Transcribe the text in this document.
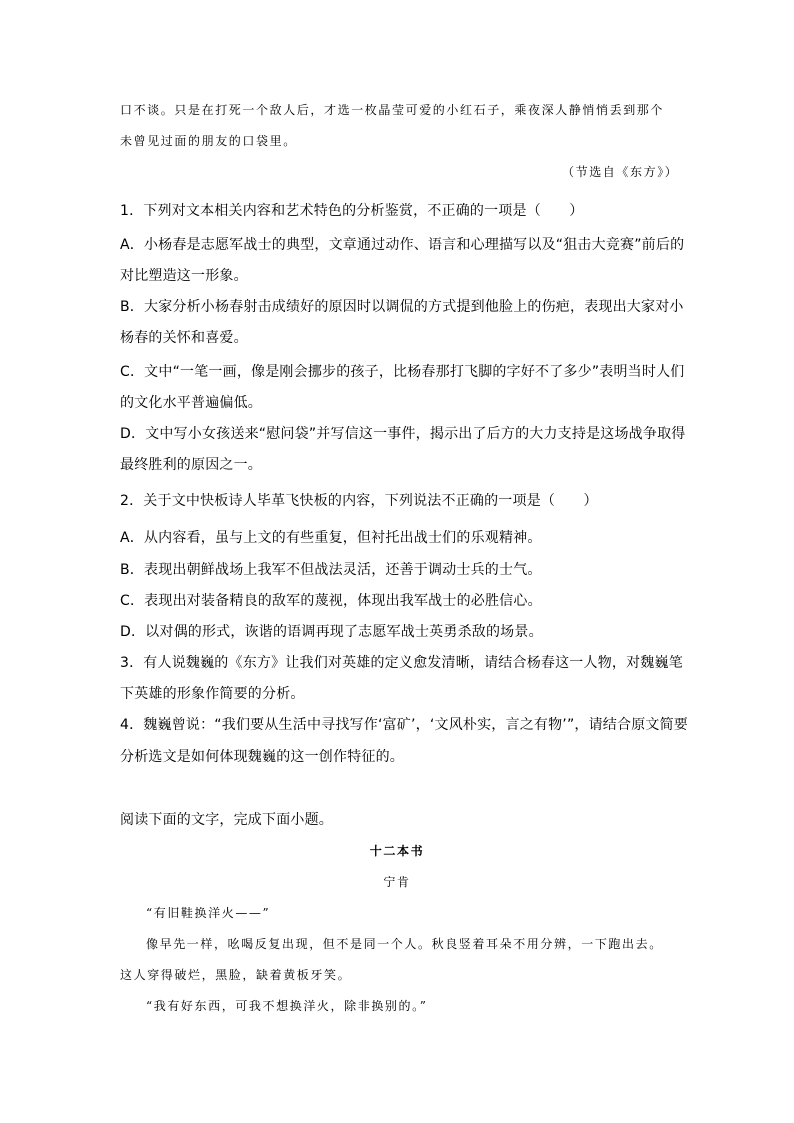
口不谈。只是在打死一个敌人后，才选一枚晶莹可爱的小红石子，乘夜深人静悄悄丢到那个
未曾见过面的朋友的口袋里。
（节选自《东方》）
1．下列对文本相关内容和艺术特色的分析鉴赏，不正确的一项是（　　）
A．小杨春是志愿军战士的典型，文章通过动作、语言和心理描写以及“狙击大竞赛”前后的
对比塑造这一形象。
B．大家分析小杨春射击成绩好的原因时以调侃的方式提到他脸上的伤疤，表现出大家对小
杨春的关怀和喜爱。
C．文中“一笔一画，像是刚会挪步的孩子，比杨春那打飞脚的字好不了多少”表明当时人们
的文化水平普遍偏低。
D．文中写小女孩送来“慰问袋”并写信这一事件，揭示出了后方的大力支持是这场战争取得
最终胜利的原因之一。
2．关于文中快板诗人毕革飞快板的内容，下列说法不正确的一项是（　　）
A．从内容看，虽与上文的有些重复，但衬托出战士们的乐观精神。
B．表现出朝鲜战场上我军不但战法灵活，还善于调动士兵的士气。
C．表现出对装备精良的敌军的蔑视，体现出我军战士的必胜信心。
D．以对偶的形式，诙谐的语调再现了志愿军战士英勇杀敌的场景。
3．有人说魏巍的《东方》让我们对英雄的定义愈发清晰，请结合杨春这一人物，对魏巍笔
下英雄的形象作简要的分析。
4．魏巍曾说：“我们要从生活中寻找写作‘富矿’，‘文风朴实，言之有物’”，请结合原文简要
分析选文是如何体现魏巍的这一创作特征的。
阅读下面的文字，完成下面小题。
十二本书
宁肯
“有旧鞋换洋火——”
像早先一样，吆喝反复出现，但不是同一个人。秋良竖着耳朵不用分辨，一下跑出去。
这人穿得破烂，黑脸，缺着黄板牙笑。
“我有好东西，可我不想换洋火，除非换别的。”
